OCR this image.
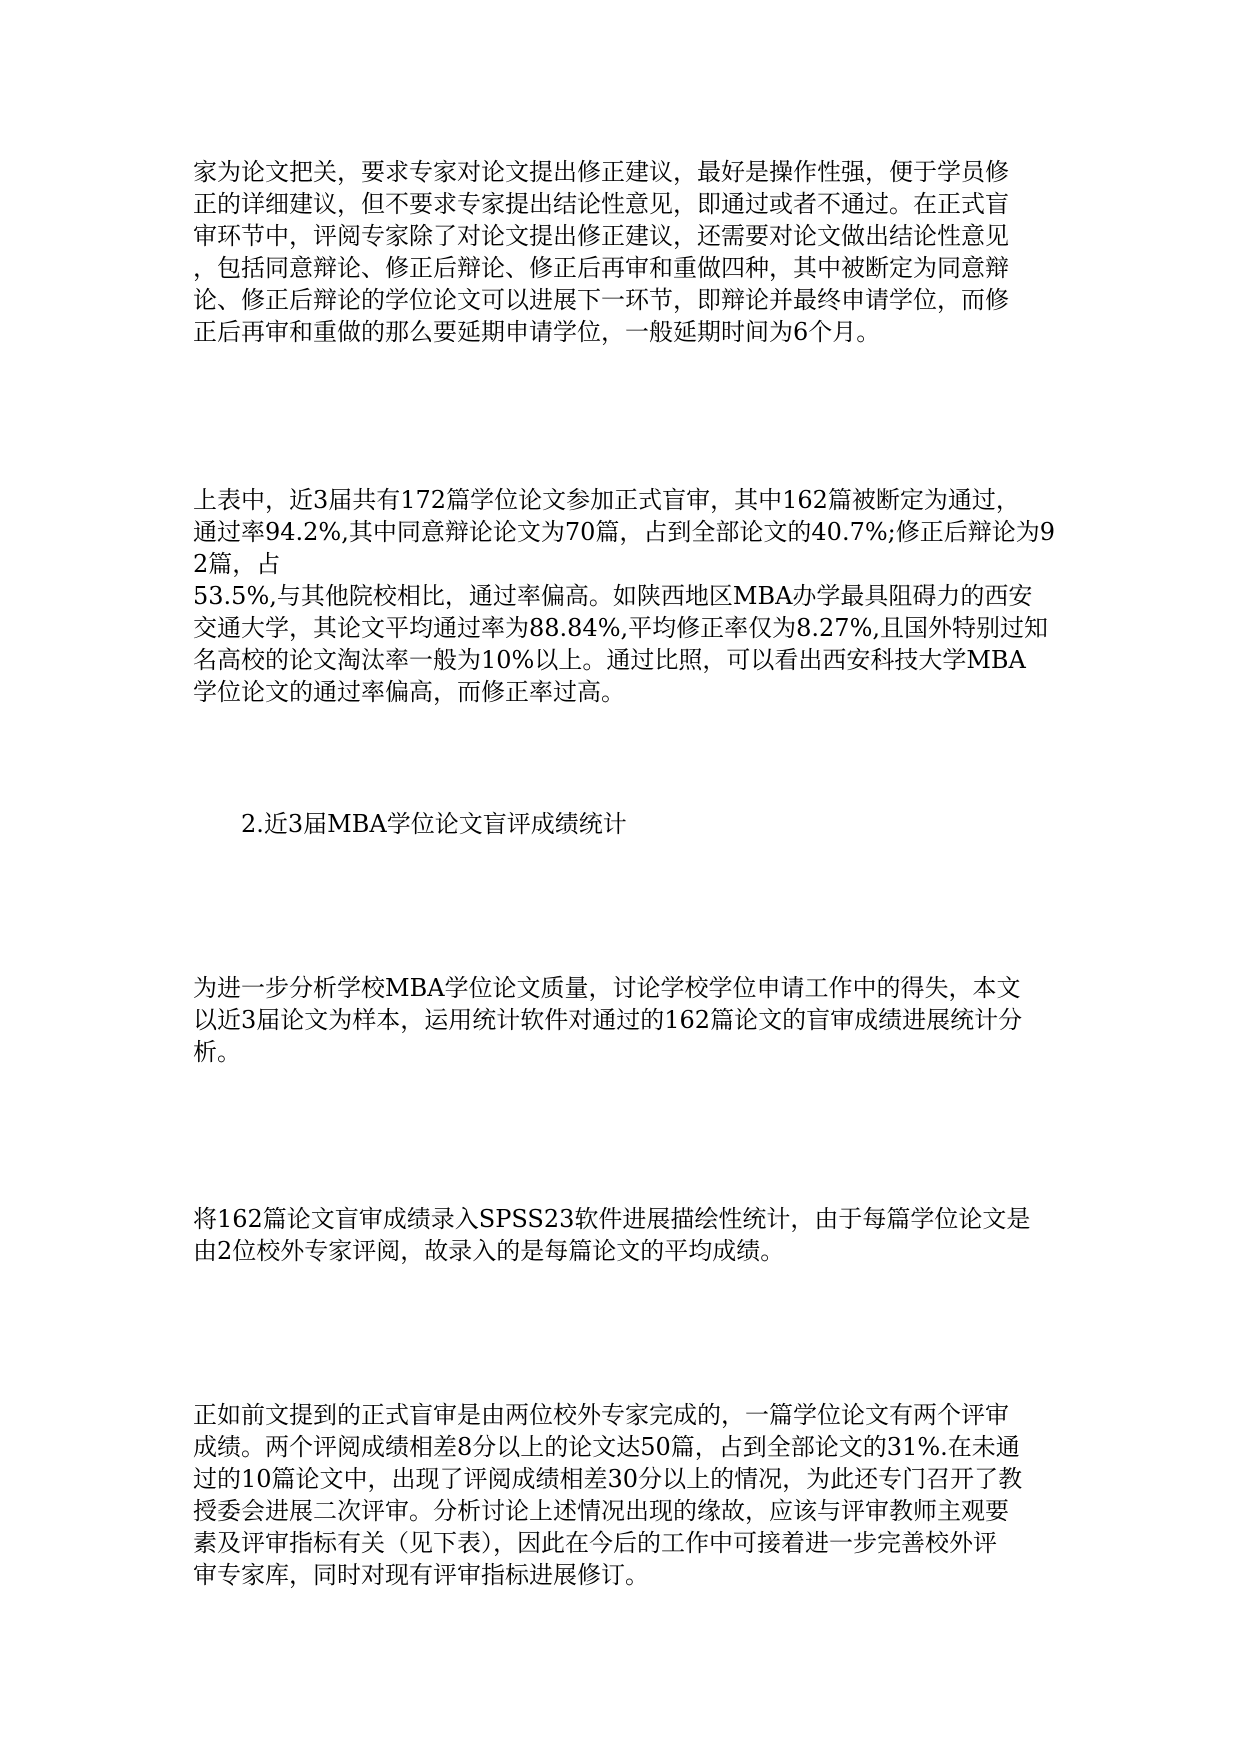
家为论文把关，要求专家对论文提出修正建议，最好是操作性强，便于学员修
正的详细建议，但不要求专家提出结论性意见，即通过或者不通过。在正式盲
审环节中，评阅专家除了对论文提出修正建议，还需要对论文做出结论性意见
，包括同意辩论、修正后辩论、修正后再审和重做四种，其中被断定为同意辩
论、修正后辩论的学位论文可以进展下一环节，即辩论并最终申请学位，而修
正后再审和重做的那么要延期申请学位，一般延期时间为6个月。
上表中，近3届共有172篇学位论文参加正式盲审，其中162篇被断定为通过，
通过率94.2%,其中同意辩论论文为70篇，占到全部论文的40.7%;修正后辩论为9
2篇，占
53.5%,与其他院校相比，通过率偏高。如陕西地区MBA办学最具阻碍力的西安
交通大学，其论文平均通过率为88.84%,平均修正率仅为8.27%,且国外特别过知
名高校的论文淘汰率一般为10%以上。通过比照，可以看出西安科技大学MBA
学位论文的通过率偏高，而修正率过高。
2.近3届MBA学位论文盲评成绩统计
为进一步分析学校MBA学位论文质量，讨论学校学位申请工作中的得失，本文
以近3届论文为样本，运用统计软件对通过的162篇论文的盲审成绩进展统计分
析。
将162篇论文盲审成绩录入SPSS23软件进展描绘性统计，由于每篇学位论文是
由2位校外专家评阅，故录入的是每篇论文的平均成绩。
正如前文提到的正式盲审是由两位校外专家完成的，一篇学位论文有两个评审
成绩。两个评阅成绩相差8分以上的论文达50篇，占到全部论文的31%.在未通
过的10篇论文中，出现了评阅成绩相差30分以上的情况，为此还专门召开了教
授委会进展二次评审。分析讨论上述情况出现的缘故，应该与评审教师主观要
素及评审指标有关（见下表），因此在今后的工作中可接着进一步完善校外评
审专家库，同时对现有评审指标进展修订。
